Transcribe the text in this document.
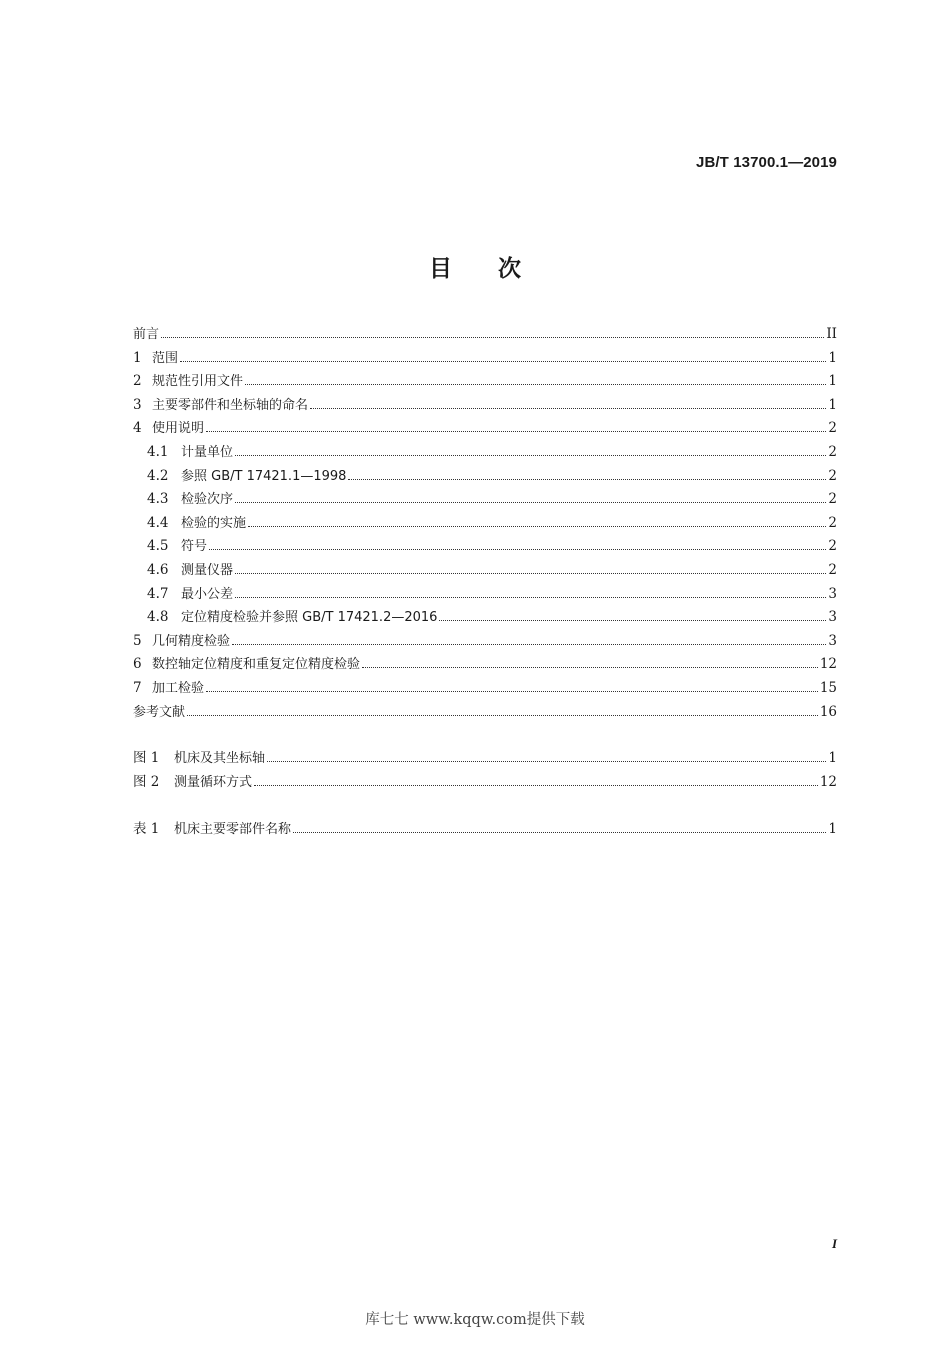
JB/T 13700.1—2019
目 次
前言	II
1 范围	1
2 规范性引用文件	1
3 主要零部件和坐标轴的命名	1
4 使用说明	2
4.1 计量单位	2
4.2 参照 GB/T 17421.1—1998	2
4.3 检验次序	2
4.4 检验的实施	2
4.5 符号	2
4.6 测量仪器	2
4.7 最小公差	3
4.8 定位精度检验并参照 GB/T 17421.2—2016	3
5 几何精度检验	3
6 数控轴定位精度和重复定位精度检验	12
7 加工检验	15
参考文献	16
图 1	机床及其坐标轴	1
图 2	测量循环方式	12
表 1	机床主要零部件名称	1
I
库七七 www.kqqw.com提供下载
